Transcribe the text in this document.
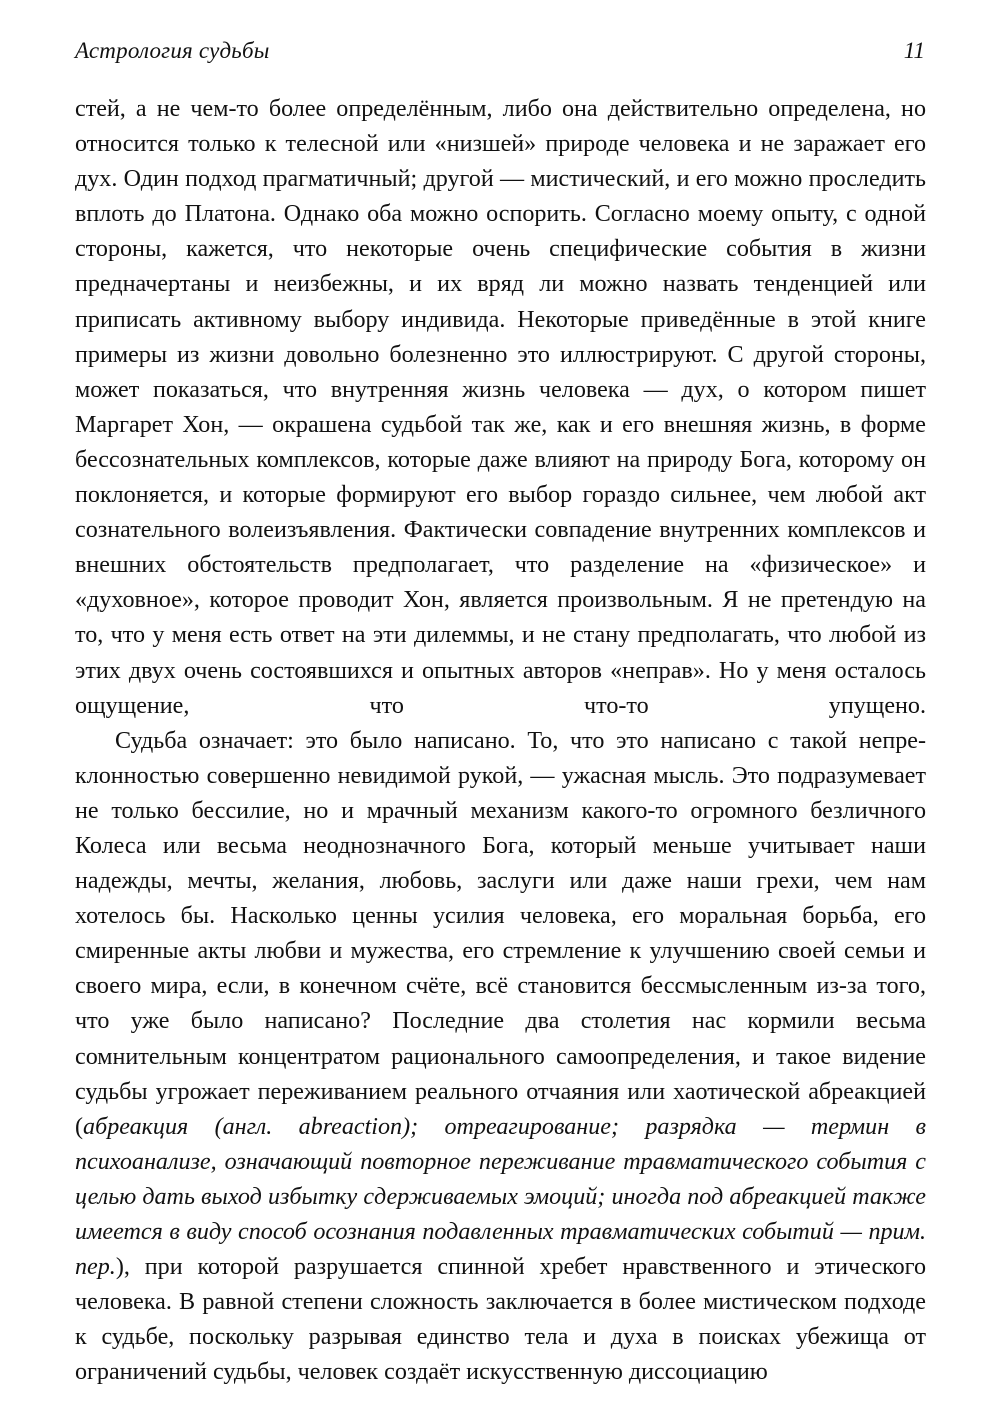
Астрология судьбы	11

стей, а не чем-то более определённым, либо она действительно определена, но относится только к телесной или «низшей» природе человека и не заражает его дух. Один подход прагматичный; другой — мистический, и его можно проследить вплоть до Платона. Однако оба можно оспорить. Согласно моему опыту, с одной стороны, кажется, что некоторые очень специфические события в жизни предначертаны и неизбежны, и их вряд ли можно назвать тенденцией или приписать активному выбору индивида. Некоторые приведённые в этой книге примеры из жизни довольно болезненно это иллюстрируют. С другой стороны, может показаться, что внутренняя жизнь человека — дух, о котором пишет Маргарет Хон, — окрашена судьбой так же, как и его внешняя жизнь, в форме бессознательных комплексов, которые даже влияют на природу Бога, которому он поклоняется, и которые формируют его выбор гораздо сильнее, чем любой акт сознательного волеизъявления. Фактически совпадение внутренних комплексов и внешних обстоятельств предполагает, что разделение на «физическое» и «духовное», которое проводит Хон, является произвольным. Я не претендую на то, что у меня есть ответ на эти дилеммы, и не стану предполагать, что любой из этих двух очень состоявшихся и опытных авторов «неправ». Но у меня осталось ощущение, что что-то упущено.

Судьба означает: это было написано. То, что это написано с такой непреклонностью совершенно невидимой рукой, — ужасная мысль. Это подразумевает не только бессилие, но и мрачный механизм какого-то огромного безличного Колеса или весьма неоднозначного Бога, который меньше учитывает наши надежды, мечты, желания, любовь, заслуги или даже наши грехи, чем нам хотелось бы. Насколько ценны усилия человека, его моральная борьба, его смиренные акты любви и мужества, его стремление к улучшению своей семьи и своего мира, если, в конечном счёте, всё становится бессмысленным из-за того, что уже было написано? Последние два столетия нас кормили весьма сомнительным концентратом рационального самоопределения, и такое видение судьбы угрожает переживанием реального отчаяния или хаотической абреакцией (абреакция (англ. abreaction); отреагирование; разрядка — термин в психоанализе, означающий повторное переживание травматического события с целью дать выход избытку сдерживаемых эмоций; иногда под абреакцией также имеется в виду способ осознания подавленных травматических событий — прим. пер.), при которой разрушается спинной хребет нравственного и этического человека. В равной степени сложность заключается в более мистическом подходе к судьбе, поскольку разрывая единство тела и духа в поисках убежища от ограничений судьбы, человек создаёт искусственную диссоциацию
